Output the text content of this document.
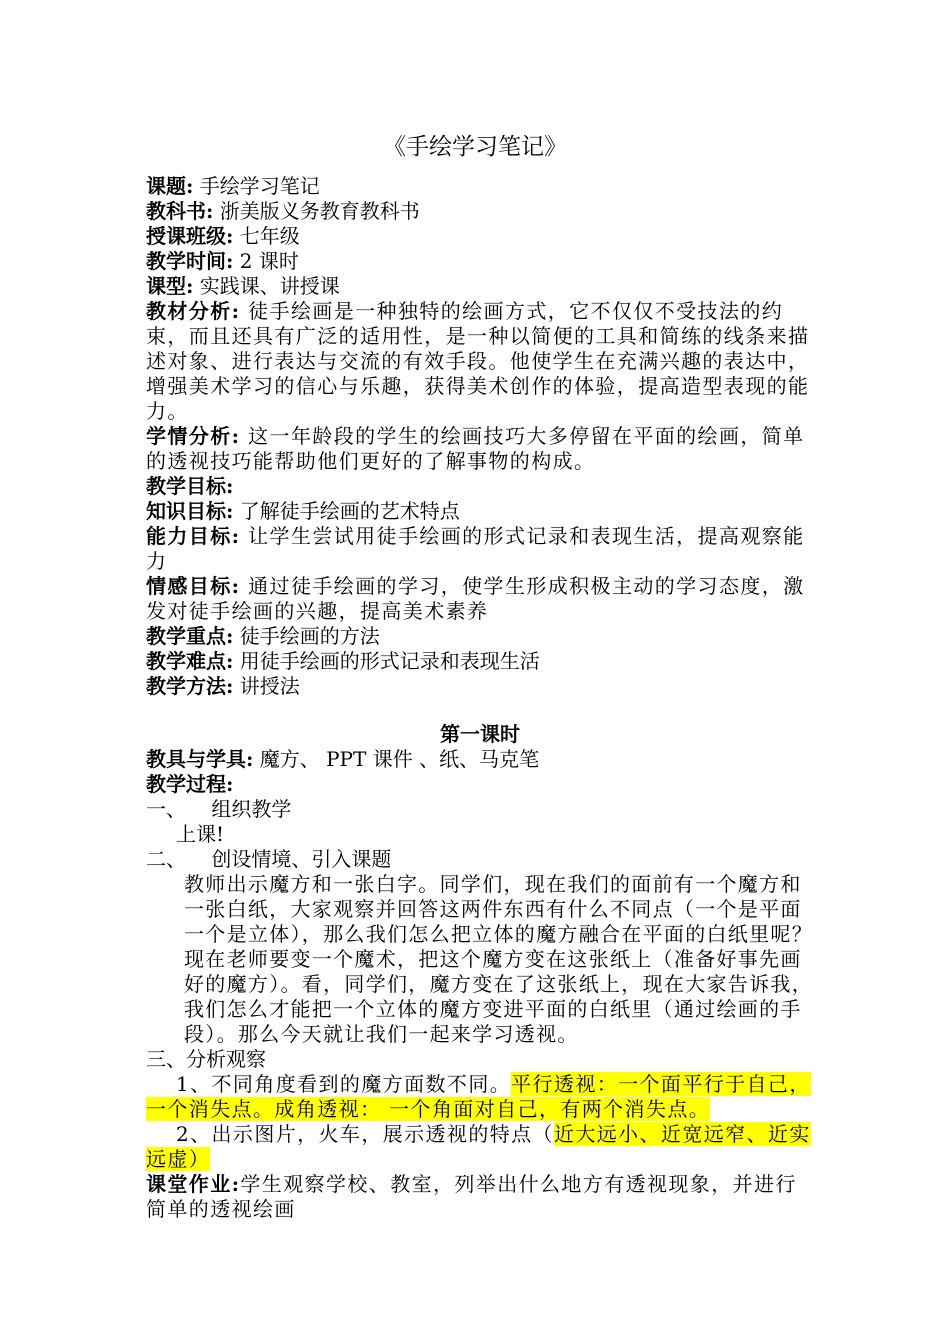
《手绘学习笔记》
课题: 手绘学习笔记
教科书: 浙美版义务教育教科书
授课班级: 七年级
教学时间: 2 课时
课型: 实践课、讲授课
教材分析: 徒手绘画是一种独特的绘画方式，它不仅仅不受技法的约束，而且还具有广泛的适用性，是一种以简便的工具和简练的线条来描述对象、进行表达与交流的有效手段。他使学生在充满兴趣的表达中，增强美术学习的信心与乐趣，获得美术创作的体验，提高造型表现的能力。
学情分析: 这一年龄段的学生的绘画技巧大多停留在平面的绘画，简单的透视技巧能帮助他们更好的了解事物的构成。
教学目标:
知识目标: 了解徒手绘画的艺术特点
能力目标: 让学生尝试用徒手绘画的形式记录和表现生活，提高观察能力
情感目标: 通过徒手绘画的学习，使学生形成积极主动的学习态度，激发对徒手绘画的兴趣，提高美术素养
教学重点: 徒手绘画的方法
教学难点: 用徒手绘画的形式记录和表现生活
教学方法: 讲授法
第一课时
教具与学具: 魔方、 PPT 课件 、纸、马克笔
教学过程:
一、    组织教学
上课!
二、    创设情境、引入课题
教师出示魔方和一张白字。同学们，现在我们的面前有一个魔方和一张白纸，大家观察并回答这两件东西有什么不同点（一个是平面一个是立体），那么我们怎么把立体的魔方融合在平面的白纸里呢？现在老师要变一个魔术，把这个魔方变在这张纸上（准备好事先画好的魔方）。看，同学们，魔方变在了这张纸上，现在大家告诉我，我们怎么才能把一个立体的魔方变进平面的白纸里（通过绘画的手段）。那么今天就让我们一起来学习透视。
三、分析观察
1、不同角度看到的魔方面数不同。平行透视：一个面平行于自己，一个消失点。成角透视： 一个角面对自己，有两个消失点。
2、出示图片，火车，展示透视的特点（近大远小、近宽远窄、近实远虚）
课堂作业:学生观察学校、教室，列举出什么地方有透视现象，并进行简单的透视绘画
